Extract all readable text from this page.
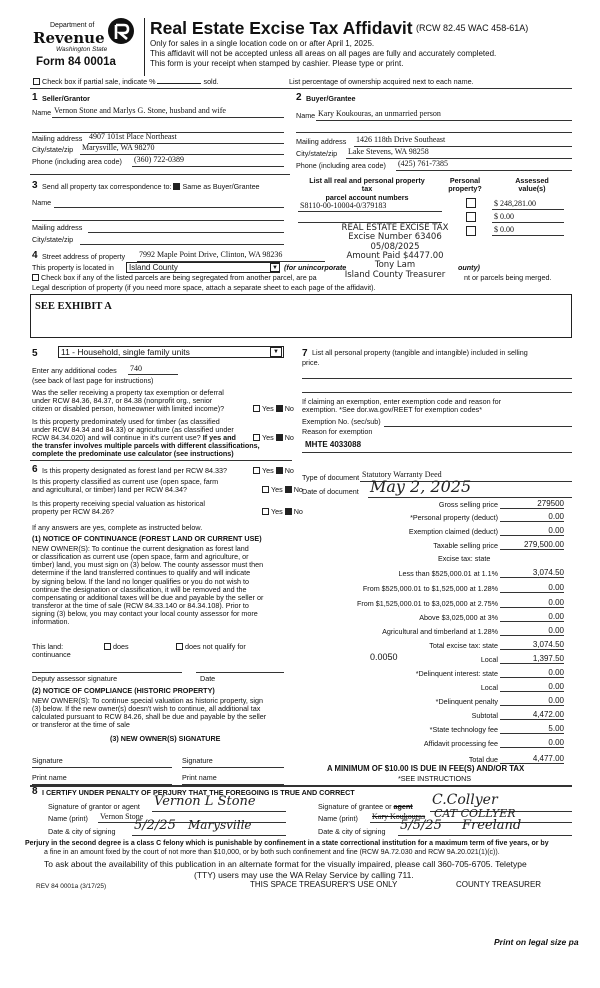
Department of
Revenue
Washington State
Form 84 0001a
Real Estate Excise Tax Affidavit (RCW 82.45 WAC 458-61A)
Only for sales in a single location code on or after April 1, 2025.
This affidavit will not be accepted unless all areas on all pages are fully and accurately completed.
This form is your receipt when stamped by cashier. Please type or print.
Check box if partial sale, indicate %	sold.	List percentage of ownership acquired next to each name.
1 Seller/Grantor
Name Vernon Stone and Marlys G. Stone, husband and wife
Mailing address 4907 101st Place Northeast
City/state/zip Marysville, WA 98270
Phone (including area code) (360) 722-0389
2 Buyer/Grantee
Name Kary Koukouras, an unmarried person
Mailing address 1426 118th Drive Southeast
City/state/zip Lake Stevens, WA 98258
Phone (including area code) (425) 761-7385
3 Send all property tax correspondence to: Same as Buyer/Grantee
Name
Mailing address
City/state/zip
List all real and personal property tax
parcel account numbers
Personal
property?
Assessed
value(s)
S8110-00-10004-0/379183	$ 248,281.00
$ 0.00
$ 0.00
REAL ESTATE EXCISE TAX
Excise Number 63406
05/08/2025
Amount Paid $4477.00
Tony Lam
Island County Treasurer
4 Street address of property 7992 Maple Point Drive, Clinton, WA 98236
This property is located in	Island County	▼ (for unincorporate	ounty)
Check box if any of the listed parcels are being segregated from another parcel, are pa	nt or parcels being merged.
Legal description of property (if you need more space, attach a separate sheet to each page of the affidavit).
SEE EXHIBIT A
5	11 - Household, single family units	▼
Enter any additional codes 740
(see back of last page for instructions)
Was the seller receiving a property tax exemption or deferral
under RCW 84.36, 84.37, or 84.38 (nonprofit org., senior
citizen or disabled person, homeowner with limited income)?	Yes No
Is this property predominately used for timber (as classified
under RCW 84.34 and 84.33) or agriculture (as classified under
RCW 84.34.020) and will continue in it's current use? If yes and
the transfer involves multiple parcels with different classifications,
complete the predominate use calculator (see instructions)
Yes No
7 List all personal property (tangible and intangible) included in selling
price.
If claiming an exemption, enter exemption code and reason for
exemption. *See dor.wa.gov/REET for exemption codes*
Exemption No. (sec/sub)
Reason for exemption
MHTE 4033088
6 Is this property designated as forest land per RCW 84.33?	Yes No
Is this property classified as current use (open space, farm
and agricultural, or timber) land per RCW 84.34?	Yes No
Is this property receiving special valuation as historical
property per RCW 84.26?	Yes No
If any answers are yes, complete as instructed below.
(1) NOTICE OF CONTINUANCE (FOREST LAND OR CURRENT USE)
NEW OWNER(S): To continue the current designation as forest land
or classification as current use (open space, farm and agriculture, or
timber) land, you must sign on (3) below. The county assessor must then
determine if the land transferred continues to qualify and will indicate
by signing below. If the land no longer qualifies or you do not wish to
continue the designation or classification, it will be removed and the
compensating or additional taxes will be due and payable by the seller or
transferor at the time of sale (RCW 84.33.140 or 84.34.108). Prior to
signing (3) below, you may contact your local county assessor for more
information.
This land:
continuance
does	does not qualify for
Deputy assessor signature	Date
(2) NOTICE OF COMPLIANCE (HISTORIC PROPERTY)
NEW OWNER(S): To continue special valuation as historic property, sign
(3) below. If the new owner(s) doesn't wish to continue, all additional tax
calculated pursuant to RCW 84.26, shall be due and payable by the seller
or transferor at the time of sale
(3) NEW OWNER(S) SIGNATURE
Signature	Signature
Print name	Print name
Type of document Statutory Warranty Deed
Date of document May 2, 2025
Gross selling price	279500
*Personal property (deduct)	0.00
Exemption claimed (deduct)	0.00
Taxable selling price	279,500.00
Excise tax: state
Less than $525,000.01 at 1.1%	3,074.50
From $525,000.01 to $1,525,000 at 1.28%	0.00
From $1,525,000.01 to $3,025,000 at 2.75%	0.00
Above $3,025,000 at 3%	0.00
Agricultural and timberland at 1.28%	0.00
Total excise tax: state	3,074.50
0.0050	Local	1,397.50
*Delinquent interest: state	0.00
Local	0.00
*Delinquent penalty	0.00
Subtotal	4,472.00
*State technology fee	5.00
Affidavit processing fee	0.00
Total due	4,477.00
A MINIMUM OF $10.00 IS DUE IN FEE(S) AND/OR TAX
*SEE INSTRUCTIONS
8 I CERTIFY UNDER PENALTY OF PERJURY THAT THE FOREGOING IS TRUE AND CORRECT
Signature of grantor or agent Vernon L Stone
Name (print) Vernon Stone
Date & city of signing 5/2/25 Marysville
Signature of grantee or agent C.Collyer
Name (print) Kary Koukouras CAT COLLYER
Date & city of signing 5/5/25 Freeland
Perjury in the second degree is a class C felony which is punishable by confinement in a state correctional institution for a maximum term of five years, or by
a fine in an amount fixed by the court of not more than $10,000, or by both such confinement and fine (RCW 9A.72.030 and RCW 9A.20.021(1)(c)).
To ask about the availability of this publication in an alternate format for the visually impaired, please call 360-705-6705. Teletype
(TTY) users may use the WA Relay Service by calling 711.
REV 84 0001a (3/17/25)	THIS SPACE TREASURER'S USE ONLY	COUNTY TREASURER
Print on legal size pa
